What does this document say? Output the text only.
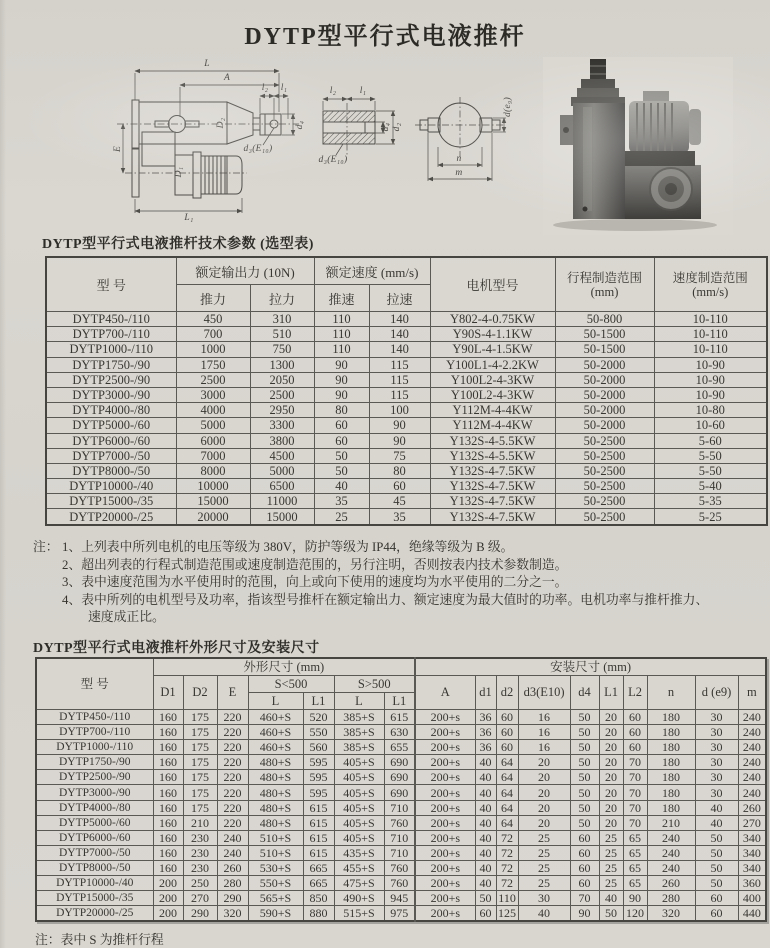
DYTP型平行式电液推杆
L
A
l₂ l₁
D₂	d₄
d₃(E₁₀)
E
D₁
L₁
l₂ l₁
d₄ d₂
d₃(E₁₀)	n
m
d(e₉)
DYTP型平行式电液推杆技术参数 (选型表)
型 号	额定输出力 (10N)	额定速度 (mm/s)	电机型号	
行程制造范围
(mm)

速度制造范围
(mm/s)

	推力	拉力	推速	拉速			
DYTP450-/110	450	310	110	140	Y802-4-0.75KW	50-800	10-110
DYTP700-/110	700	510	110	140	Y90S-4-1.1KW	50-1500	10-110
DYTP1000-/110	1000	750	110	140	Y90L-4-1.5KW	50-1500	10-110
DYTP1750-/90	1750	1300	90	115	Y100L1-4-2.2KW	50-2000	10-90
DYTP2500-/90	2500	2050	90	115	Y100L2-4-3KW	50-2000	10-90
DYTP3000-/90	3000	2500	90	115	Y100L2-4-3KW	50-2000	10-90
DYTP4000-/80	4000	2950	80	100	Y112M-4-4KW	50-2000	10-80
DYTP5000-/60	5000	3300	60	90	Y112M-4-4KW	50-2000	10-60
DYTP6000-/60	6000	3800	60	90	Y132S-4-5.5KW	50-2500	5-60
DYTP7000-/50	7000	4500	50	75	Y132S-4-5.5KW	50-2500	5-50
DYTP8000-/50	8000	5000	50	80	Y132S-4-7.5KW	50-2500	5-50
DYTP10000-/40	10000	6500	40	60	Y132S-4-7.5KW	50-2500	5-40
DYTP15000-/35	15000	11000	35	45	Y132S-4-7.5KW	50-2500	5-35
DYTP20000-/25	20000	15000	25	35	Y132S-4-7.5KW	50-2500	5-25
注： 1、上列表中所列电机的电压等级为 380V，防护等级为 IP44，绝缘等级为 B 级。
2、超出列表的行程式制造范围或速度制造范围的，另行注明，否则按表内技术参数制造。
3、表中速度范围为水平使用时的范围，向上或向下使用的速度均为水平使用的二分之一。
4、表中所列的电机型号及功率，指该型号推杆在额定输出力、额定速度为最大值时的功率。电机功率与推杆推力、速度成正比。
DYTP型平行式电液推杆外形尺寸及安装尺寸
型 号	外形尺寸 (mm)							安装尺寸 (mm)									
	D1	D2	E	S<500		S>500		A	d1	d2	d3(E10)	d4	L1	L2	n	d (e9)	m
				L	L1	L	L1										
DYTP450-/110	160	175	220	460+S	520	385+S	615	200+s	36	60	16	50	20	60	180	30	240
DYTP700-/110	160	175	220	460+S	550	385+S	630	200+s	36	60	16	50	20	60	180	30	240
DYTP1000-/110	160	175	220	460+S	560	385+S	655	200+s	36	60	16	50	20	60	180	30	240
DYTP1750-/90	160	175	220	480+S	595	405+S	690	200+s	40	64	20	50	20	70	180	30	240
DYTP2500-/90	160	175	220	480+S	595	405+S	690	200+s	40	64	20	50	20	70	180	30	240
DYTP3000-/90	160	175	220	480+S	595	405+S	690	200+s	40	64	20	50	20	70	180	30	240
DYTP4000-/80	160	175	220	480+S	615	405+S	710	200+s	40	64	20	50	20	70	180	40	260
DYTP5000-/60	160	210	220	480+S	615	405+S	760	200+s	40	64	20	50	20	70	210	40	270
DYTP6000-/60	160	230	240	510+S	615	405+S	710	200+s	40	72	25	60	25	65	240	50	340
DYTP7000-/50	160	230	240	510+S	615	435+S	710	200+s	40	72	25	60	25	65	240	50	340
DYTP8000-/50	160	230	260	530+S	665	455+S	760	200+s	40	72	25	60	25	65	240	50	340
DYTP10000-/40	200	250	280	550+S	665	475+S	760	200+s	40	72	25	60	25	65	260	50	360
DYTP15000-/35	200	270	290	565+S	850	490+S	945	200+s	50	110	30	70	40	90	280	60	400
DYTP20000-/25	200	290	320	590+S	880	515+S	975	200+s	60	125	40	90	50	120	320	60	440
注：表中 S 为推杆行程
